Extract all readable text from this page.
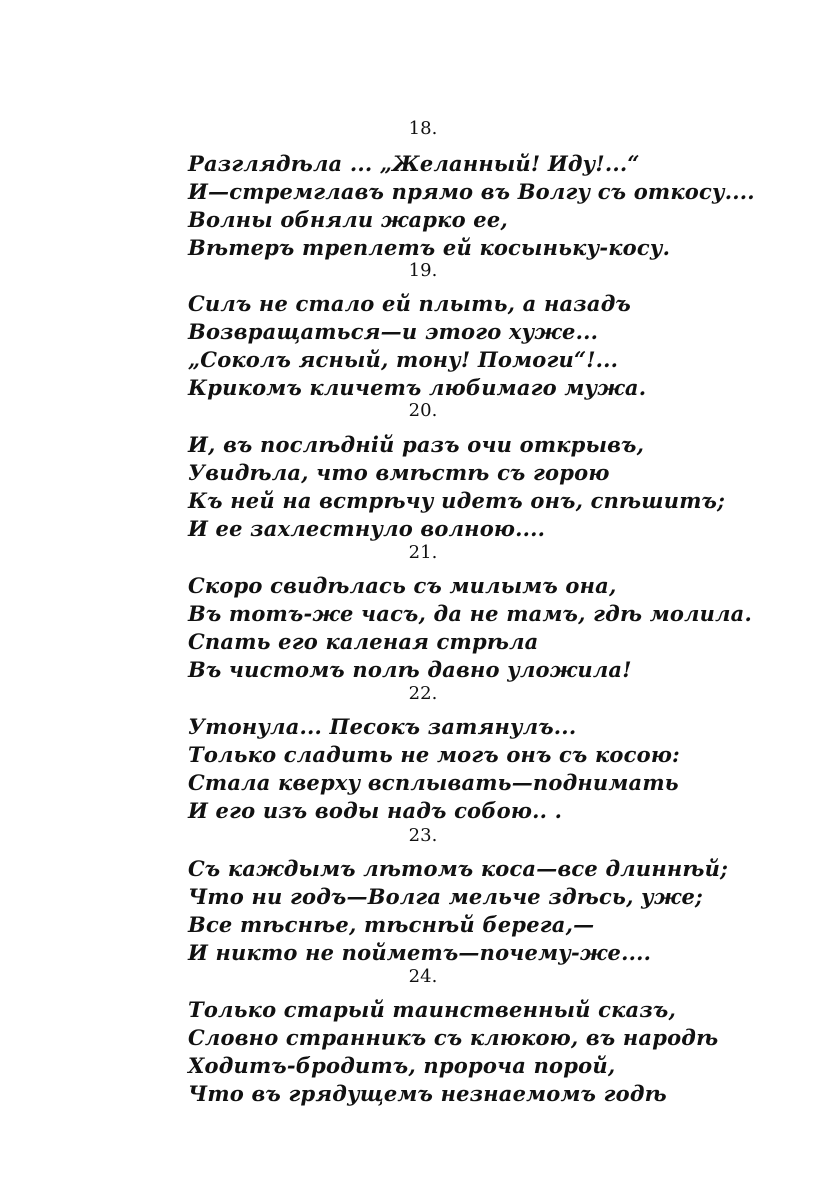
18.
Разглядѣла ... „Желанный! Иду!...“
И—стремглавъ прямо въ Волгу съ откосу....
Волны обняли жарко ее,
Вѣтеръ треплетъ ей косыньку-косу.
19.
Силъ не стало ей плыть, а назадъ
Возвращаться—и этого хуже...
„Соколъ ясный, тону! Помоги“!...
Крикомъ кличетъ любимаго мужа.
20.
И, въ послѣдній разъ очи открывъ,
Увидѣла, что вмѣстѣ съ горою
Къ ней на встрѣчу идетъ онъ, спѣшитъ;
И ее захлестнуло волною....
21.
Скоро свидѣлась съ милымъ она,
Въ тотъ-же часъ, да не тамъ, гдѣ молила.
Спать его каленая стрѣла
Въ чистомъ полѣ давно уложила!
22.
Утонула... Песокъ затянулъ...
Только сладить не могъ онъ съ косою:
Стала кверху всплывать—поднимать
И его изъ воды надъ собою.. .
23.
Съ каждымъ лѣтомъ коса—все длиннѣй;
Что ни годъ—Волга мельче здѣсь, уже;
Все тѣснѣе, тѣснѣй берега,—
И никто не пойметъ—почему-же....
24.
Только старый таинственный сказъ,
Словно странникъ съ клюкою, въ народѣ
Ходитъ-бродитъ, пророча порой,
Что въ грядущемъ незнаемомъ годѣ
